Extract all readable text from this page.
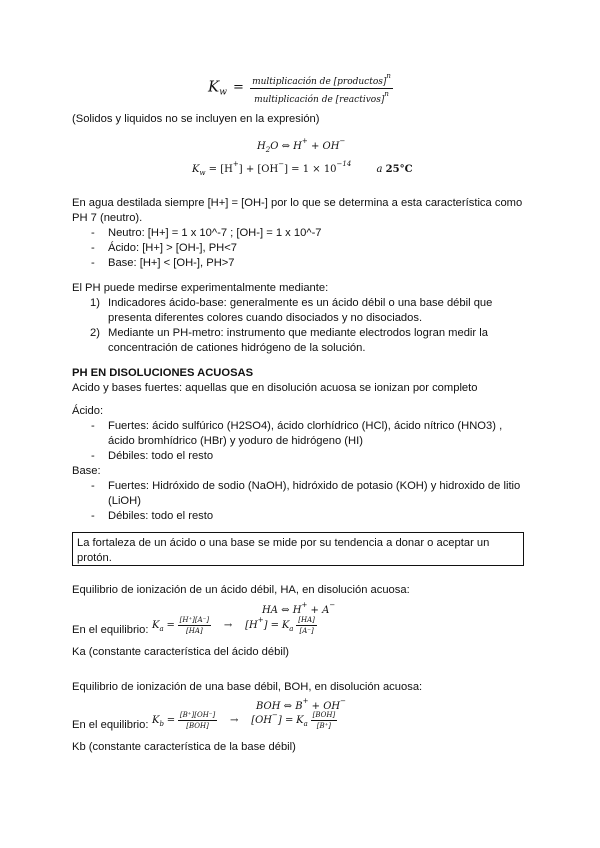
$K_w = \frac{multiplicación de [productos]^n}{multiplicación de [reactivos]^n}$
(Solidos y liquidos no se incluyen en la expresión)
$H_2O$ ⇔ H+ + OH−
$K_w = [H^+] + [OH^-] = 1 \times 10^{-14}$	a 25°C
En agua destilada siempre [H+] = [OH-] por lo que se determina a esta característica como
PH 7 (neutro).
- Neutro: [H+] = 1 x 10^-7 ; [OH-] = 1 x 10^-7
- Ácido: [H+] > [OH-], PH<7
- Base: [H+] < [OH-], PH>7
El PH puede medirse experimentalmente mediante:
1) Indicadores ácido-base: generalmente es un ácido débil o una base débil que
presenta diferentes colores cuando disociados y no disociados.
2) Mediante un PH-metro: instrumento que mediante electrodos logran medir la
concentración de cationes hidrógeno de la solución.
PH EN DISOLUCIONES ACUOSAS
Acido y bases fuertes: aquellas que en disolución acuosa se ionizan por completo
Ácido:
- Fuertes: ácido sulfúrico (H2SO4), ácido clorhídrico (HCl), ácido nítrico (HNO3) ,
ácido bromhídrico (HBr) y yoduro de hidrógeno (HI)
- Débiles: todo el resto
Base:
- Fuertes: Hidróxido de sodio (NaOH), hidróxido de potasio (KOH) y hidroxido de litio
(LiOH)
- Débiles: todo el resto
La fortaleza de un ácido o una base se mide por su tendencia a donar o aceptar un
protón.
Equilibrio de ionización de un ácido débil, HA, en disolución acuosa:
HA ⇔ H+ + A−
En el equilibrio: $K_a = \frac{[H^+][A^-]}{[HA]} \to [H^+] = K_a \frac{[HA]}{[A^-]}$
Ka (constante característica del ácido débil)
Equilibrio de ionización de una base débil, BOH, en disolución acuosa:
BOH ⇔ B+ + OH−
En el equilibrio: $K_b = \frac{[B^+][OH^-]}{\text{[BOH]}} \to [OH^-] = K_a \frac{\text{[BOH]}}{[B^+]}$
Kb (constante característica de la base débil)
